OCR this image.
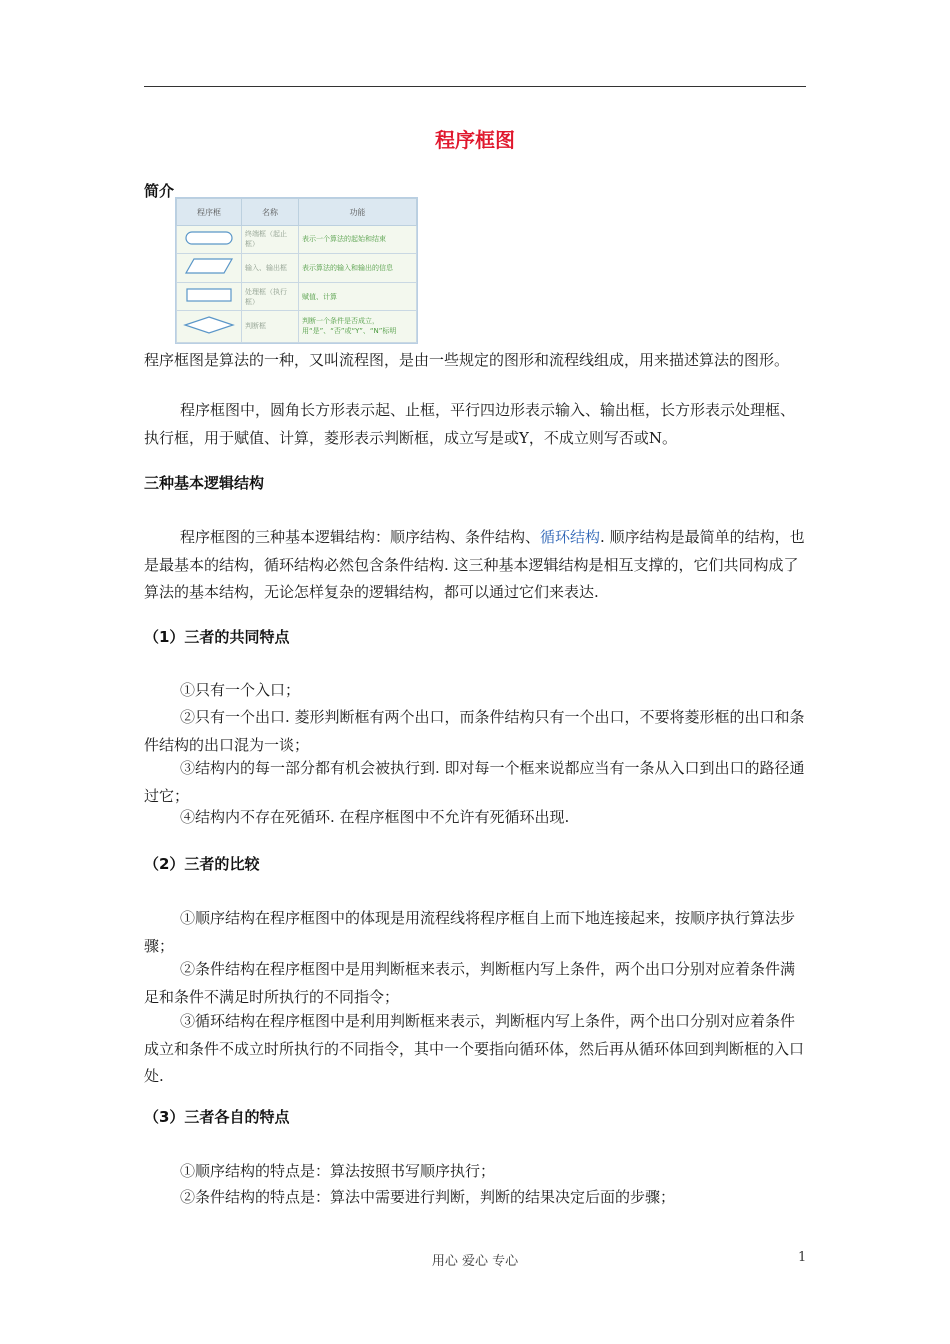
程序框图
简介
程序框	名称	功能
	终端框（起止框）	表示一个算法的起始和结束
	输入、输出框	表示算法的输入和输出的信息
	处理框（执行框）	赋值、计算
	判断框	判断一个条件是否成立，用“是”、“否”或“Y”、“N”标明

程序框图是算法的一种，又叫流程图，是由一些规定的图形和流程线组成，用来描述算法的图形。

程序框图中，圆角长方形表示起、止框，平行四边形表示输入、输出框，长方形表示处理框、执行框，用于赋值、计算，菱形表示判断框，成立写是或Y，不成立则写否或N。

三种基本逻辑结构

程序框图的三种基本逻辑结构：顺序结构、条件结构、循环结构. 顺序结构是最简单的结构，也是最基本的结构，循环结构必然包含条件结构. 这三种基本逻辑结构是相互支撑的，它们共同构成了算法的基本结构，无论怎样复杂的逻辑结构，都可以通过它们来表达.

（1）三者的共同特点

①只有一个入口；

②只有一个出口. 菱形判断框有两个出口，而条件结构只有一个出口，不要将菱形框的出口和条件结构的出口混为一谈；

③结构内的每一部分都有机会被执行到. 即对每一个框来说都应当有一条从入口到出口的路径通过它；

④结构内不存在死循环. 在程序框图中不允许有死循环出现.

（2）三者的比较

①顺序结构在程序框图中的体现是用流程线将程序框自上而下地连接起来，按顺序执行算法步骤；

②条件结构在程序框图中是用判断框来表示，判断框内写上条件，两个出口分别对应着条件满足和条件不满足时所执行的不同指令；

③循环结构在程序框图中是利用判断框来表示，判断框内写上条件，两个出口分别对应着条件成立和条件不成立时所执行的不同指令，其中一个要指向循环体，然后再从循环体回到判断框的入口处.

（3）三者各自的特点

①顺序结构的特点是：算法按照书写顺序执行；

②条件结构的特点是：算法中需要进行判断，判断的结果决定后面的步骤；

用心 爱心 专心	1
